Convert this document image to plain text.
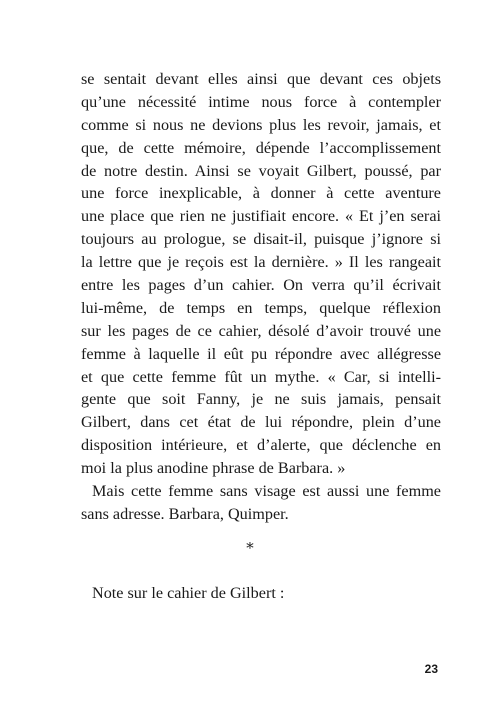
se sentait devant elles ainsi que devant ces objets
qu’une nécessité intime nous force à contempler
comme si nous ne devions plus les revoir, jamais, et
que, de cette mémoire, dépende l’accomplissement
de notre destin. Ainsi se voyait Gilbert, poussé, par
une force inexplicable, à donner à cette aventure
une place que rien ne justifiait encore. « Et j’en serai
toujours au prologue, se disait-il, puisque j’ignore si
la lettre que je reçois est la dernière. » Il les rangeait
entre les pages d’un cahier. On verra qu’il écrivait
lui-même, de temps en temps, quelque réflexion
sur les pages de ce cahier, désolé d’avoir trouvé une
femme à laquelle il eût pu répondre avec allégresse
et que cette femme fût un mythe. « Car, si intelli-
gente que soit Fanny, je ne suis jamais, pensait
Gilbert, dans cet état de lui répondre, plein d’une
disposition intérieure, et d’alerte, que déclenche en
moi la plus anodine phrase de Barbara. »
Mais cette femme sans visage est aussi une femme
sans adresse. Barbara, Quimper.
∗
Note sur le cahier de Gilbert :
23
